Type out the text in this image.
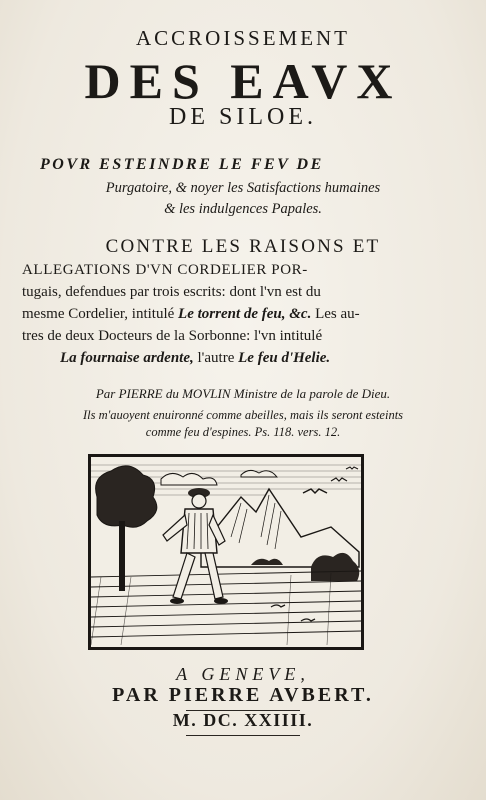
ACCROISSEMENT
DES EAVX
DE SILOE.
POVR ESTEINDRE LE FEV DE
Purgatoire, & noyer les Satisfactions humaines
& les indulgences Papales.
CONTRE LES RAISONS ET
ALLEGATIONS D'VN CORDELIER POR-
tugais, defendues par trois escrits: dont l'vn est du
mesme Cordelier, intitulé Le torrent de feu, &c. Les au-
tres de deux Docteurs de la Sorbonne: l'vn intitulé
La fournaise ardente, l'autre Le feu d'Helie.
Par PIERRE du MOVLIN Ministre de la parole de Dieu.
Ils m'auoyent enuironné comme abeilles, mais ils seront esteints
comme feu d'espines. Ps. 118. vers. 12.
A GENEVE,
PAR PIERRE AVBERT.
M. DC. XXIIII.
